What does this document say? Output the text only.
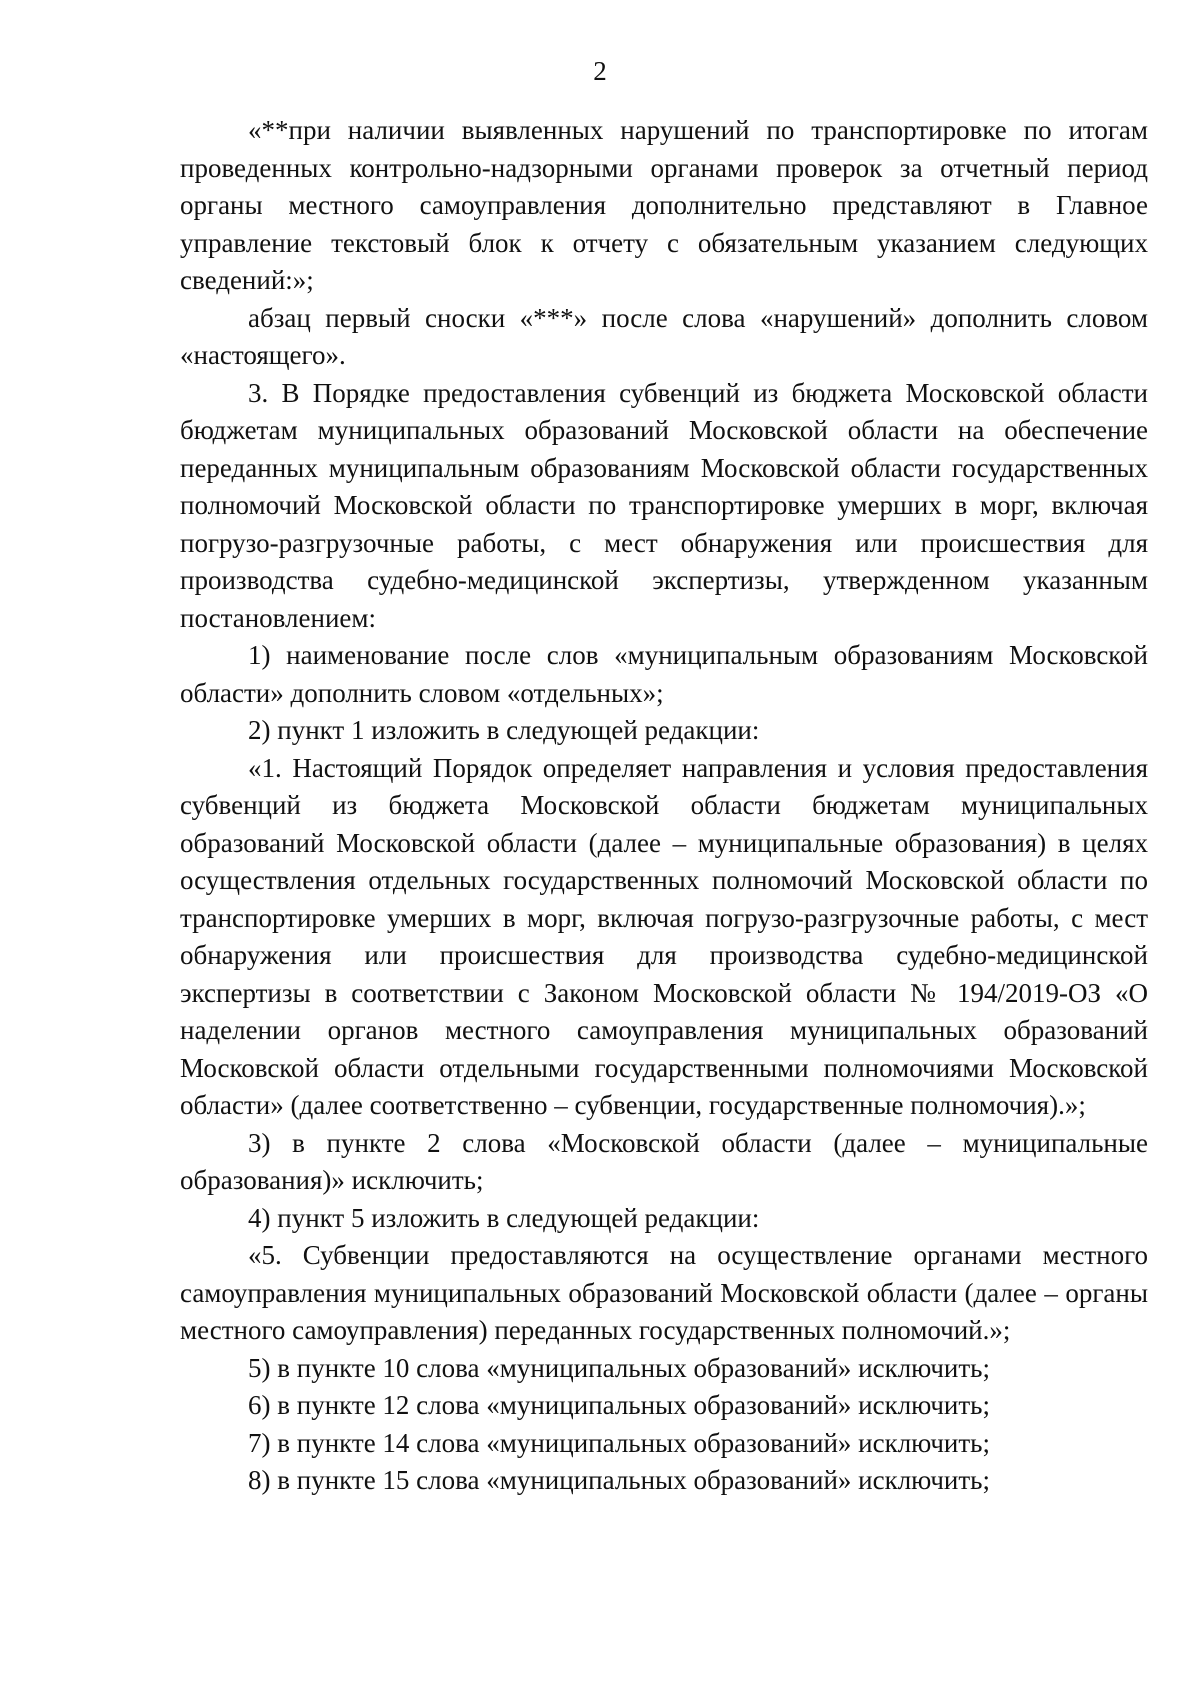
2

«**при наличии выявленных нарушений по транспортировке по итогам проведенных контрольно-надзорными органами проверок за отчетный период органы местного самоуправления дополнительно представляют в Главное управление текстовый блок к отчету с обязательным указанием следующих сведений:»;

абзац первый сноски «***» после слова «нарушений» дополнить словом «настоящего».

3. В Порядке предоставления субвенций из бюджета Московской области бюджетам муниципальных образований Московской области на обеспечение переданных муниципальным образованиям Московской области государственных полномочий Московской области по транспортировке умерших в морг, включая погрузо-разгрузочные работы, с мест обнаружения или происшествия для производства судебно-медицинской экспертизы, утвержденном указанным постановлением:

1) наименование после слов «муниципальным образованиям Московской области» дополнить словом «отдельных»;

2) пункт 1 изложить в следующей редакции:

«1. Настоящий Порядок определяет направления и условия предоставления субвенций из бюджета Московской области бюджетам муниципальных образований Московской области (далее – муниципальные образования) в целях осуществления отдельных государственных полномочий Московской области по транспортировке умерших в морг, включая погрузо-разгрузочные работы, с мест обнаружения или происшествия для производства судебно-медицинской экспертизы в соответствии с Законом Московской области № 194/2019-ОЗ «О наделении органов местного самоуправления муниципальных образований Московской области отдельными государственными полномочиями Московской области» (далее соответственно – субвенции, государственные полномочия).»;

3) в пункте 2 слова «Московской области (далее – муниципальные образования)» исключить;

4) пункт 5 изложить в следующей редакции:

«5. Субвенции предоставляются на осуществление органами местного самоуправления муниципальных образований Московской области (далее – органы местного самоуправления) переданных государственных полномочий.»;

5) в пункте 10 слова «муниципальных образований» исключить;

6) в пункте 12 слова «муниципальных образований» исключить;

7) в пункте 14 слова «муниципальных образований» исключить;

8) в пункте 15 слова «муниципальных образований» исключить;
